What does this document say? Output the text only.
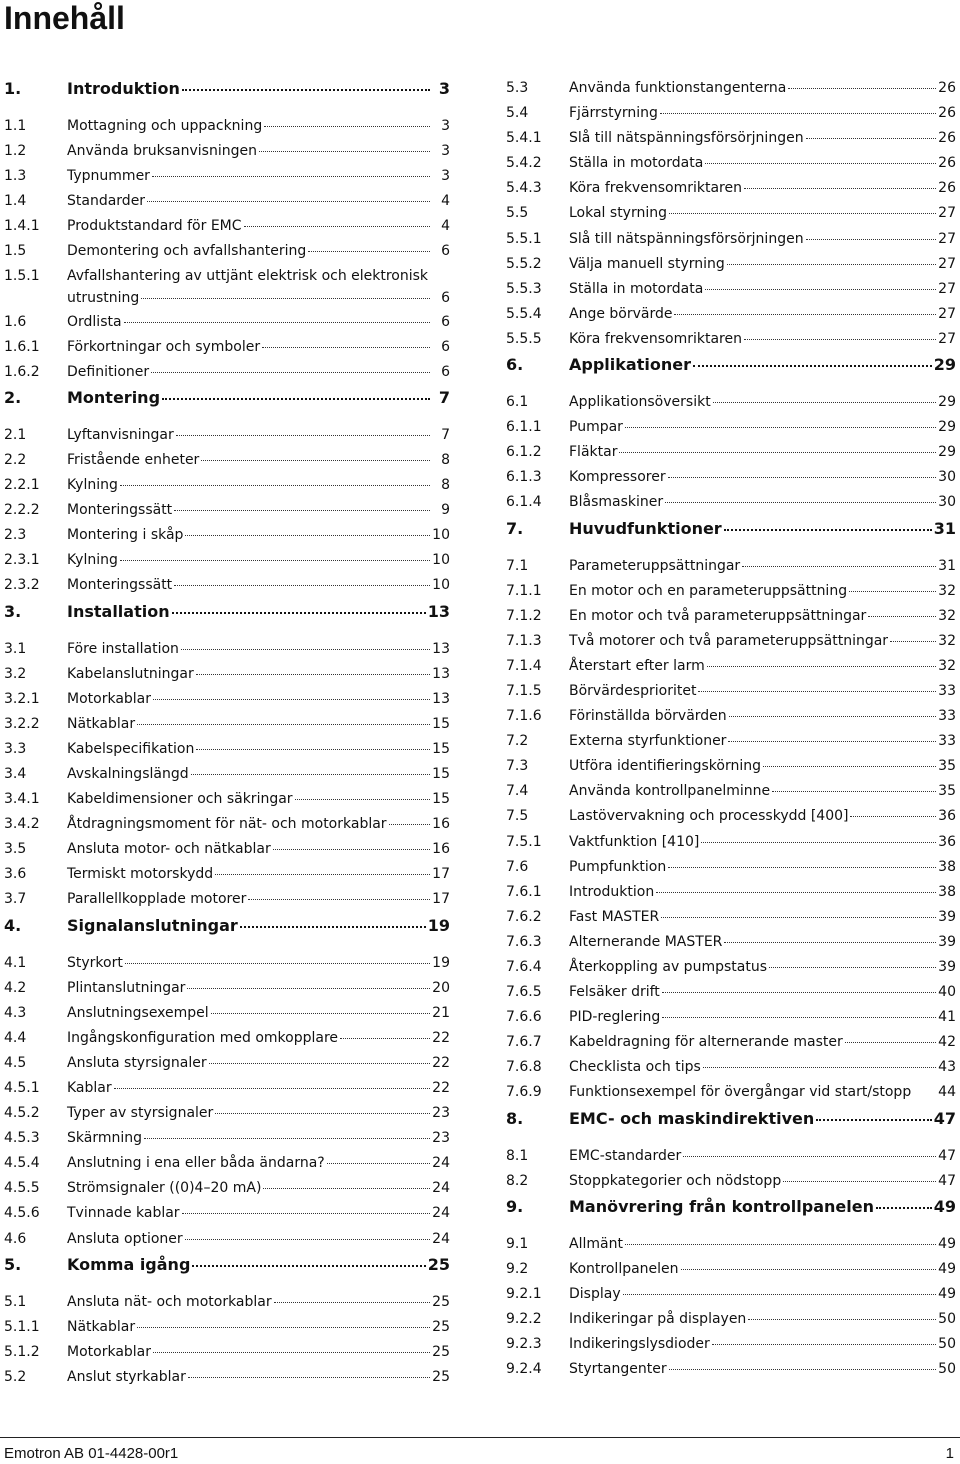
Innehåll
1.	Introduktion	3
1.1	Mottagning och uppackning	3
1.2	Använda bruksanvisningen	3
1.3	Typnummer	3
1.4	Standarder	4
1.4.1	Produktstandard för EMC	4
1.5	Demontering och avfallshantering	6
1.5.1	Avfallshantering av uttjänt elektrisk och elektronisk
utrustning	6
1.6	Ordlista	6
1.6.1	Förkortningar och symboler	6
1.6.2	Definitioner	6
2.	Montering	7
2.1	Lyftanvisningar	7
2.2	Fristående enheter	8
2.2.1	Kylning	8
2.2.2	Monteringssätt	9
2.3	Montering i skåp	10
2.3.1	Kylning	10
2.3.2	Monteringssätt	10
3.	Installation	13
3.1	Före installation	13
3.2	Kabelanslutningar	13
3.2.1	Motorkablar	13
3.2.2	Nätkablar	15
3.3	Kabelspecifikation	15
3.4	Avskalningslängd	15
3.4.1	Kabeldimensioner och säkringar	15
3.4.2	Åtdragningsmoment för nät- och motorkablar	16
3.5	Ansluta motor- och nätkablar	16
3.6	Termiskt motorskydd	17
3.7	Parallellkopplade motorer	17
4.	Signalanslutningar	19
4.1	Styrkort	19
4.2	Plintanslutningar	20
4.3	Anslutningsexempel	21
4.4	Ingångskonfiguration med omkopplare	22
4.5	Ansluta styrsignaler	22
4.5.1	Kablar	22
4.5.2	Typer av styrsignaler	23
4.5.3	Skärmning	23
4.5.4	Anslutning i ena eller båda ändarna?	24
4.5.5	Strömsignaler ((0)4–20 mA)	24
4.5.6	Tvinnade kablar	24
4.6	Ansluta optioner	24
5.	Komma igång	25
5.1	Ansluta nät- och motorkablar	25
5.1.1	Nätkablar	25
5.1.2	Motorkablar	25
5.2	Anslut styrkablar	25
5.3	Använda funktionstangenterna	26
5.4	Fjärrstyrning	26
5.4.1	Slå till nätspänningsförsörjningen	26
5.4.2	Ställa in motordata	26
5.4.3	Köra frekvensomriktaren	26
5.5	Lokal styrning	27
5.5.1	Slå till nätspänningsförsörjningen	27
5.5.2	Välja manuell styrning	27
5.5.3	Ställa in motordata	27
5.5.4	Ange börvärde	27
5.5.5	Köra frekvensomriktaren	27
6.	Applikationer	29
6.1	Applikationsöversikt	29
6.1.1	Pumpar	29
6.1.2	Fläktar	29
6.1.3	Kompressorer	30
6.1.4	Blåsmaskiner	30
7.	Huvudfunktioner	31
7.1	Parameteruppsättningar	31
7.1.1	En motor och en parameteruppsättning	32
7.1.2	En motor och två parameteruppsättningar	32
7.1.3	Två motorer och två parameteruppsättningar	32
7.1.4	Återstart efter larm	32
7.1.5	Börvärdesprioritet	33
7.1.6	Förinställda börvärden	33
7.2	Externa styrfunktioner	33
7.3	Utföra identifieringskörning	35
7.4	Använda kontrollpanelminne	35
7.5	Lastövervakning och processkydd [400]	36
7.5.1	Vaktfunktion [410]	36
7.6	Pumpfunktion	38
7.6.1	Introduktion	38
7.6.2	Fast MASTER	39
7.6.3	Alternerande MASTER	39
7.6.4	Återkoppling av pumpstatus	39
7.6.5	Felsäker drift	40
7.6.6	PID-reglering	41
7.6.7	Kabeldragning för alternerande master	42
7.6.8	Checklista och tips	43
7.6.9	Funktionsexempel för övergångar vid start/stopp 44
8.	EMC- och maskindirektiven	47
8.1	EMC-standarder	47
8.2	Stoppkategorier och nödstopp	47
9.	Manövrering från kontrollpanelen	49
9.1	Allmänt	49
9.2	Kontrollpanelen	49
9.2.1	Display	49
9.2.2	Indikeringar på displayen	50
9.2.3	Indikeringslysdioder	50
9.2.4	Styrtangenter	50
Emotron AB 01-4428-00r1	1
